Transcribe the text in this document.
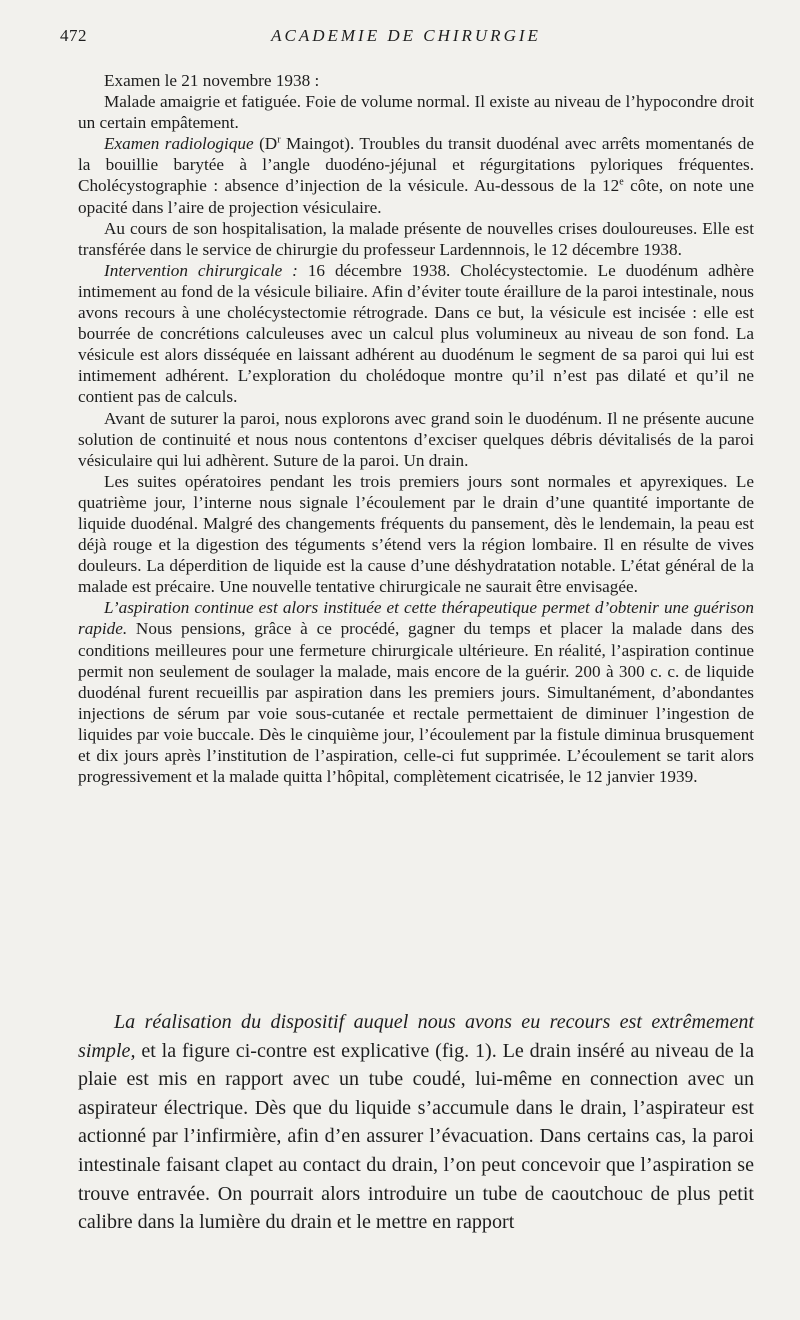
472	ACADEMIE DE CHIRURGIE

Examen le 21 novembre 1938 :

Malade amaigrie et fatiguée. Foie de volume normal. Il existe au niveau de l’hypocondre droit un certain empâtement.

Examen radiologique ($D^r$ Maingot). Troubles du transit duodénal avec arrêts momentanés de la bouillie barytée à l’angle duodéno-jéjunal et régurgitations pyloriques fréquentes. Cholécystographie : absence d’injection de la vésicule. Au-dessous de la 12e côte, on note une opacité dans l’aire de projection vésiculaire.

Au cours de son hospitalisation, la malade présente de nouvelles crises douloureuses. Elle est transférée dans le service de chirurgie du professeur Lardennnois, le 12 décembre 1938.

Intervention chirurgicale : 16 décembre 1938. Cholécystectomie. Le duodénum adhère intimement au fond de la vésicule biliaire. Afin d’éviter toute éraillure de la paroi intestinale, nous avons recours à une cholécystectomie rétrograde. Dans ce but, la vésicule est incisée : elle est bourrée de concrétions calculeuses avec un calcul plus volumineux au niveau de son fond. La vésicule est alors disséquée en laissant adhérent au duodénum le segment de sa paroi qui lui est intimement adhérent. L’exploration du cholédoque montre qu’il n’est pas dilaté et qu’il ne contient pas de calculs.

Avant de suturer la paroi, nous explorons avec grand soin le duodénum. Il ne présente aucune solution de continuité et nous nous contentons d’exciser quelques débris dévitalisés de la paroi vésiculaire qui lui adhèrent. Suture de la paroi. Un drain.

Les suites opératoires pendant les trois premiers jours sont normales et apyrexiques. Le quatrième jour, l’interne nous signale l’écoulement par le drain d’une quantité importante de liquide duodénal. Malgré des changements fréquents du pansement, dès le lendemain, la peau est déjà rouge et la digestion des téguments s’étend vers la région lombaire. Il en résulte de vives douleurs. La déperdition de liquide est la cause d’une déshydratation notable. L’état général de la malade est précaire. Une nouvelle tentative chirurgicale ne saurait être envisagée.

L’aspiration continue est alors instituée et cette thérapeutique permet d’obtenir une guérison rapide. Nous pensions, grâce à ce procédé, gagner du temps et placer la malade dans des conditions meilleures pour une fermeture chirurgicale ultérieure. En réalité, l’aspiration continue permit non seulement de soulager la malade, mais encore de la guérir. 200 à 300 c. c. de liquide duodénal furent recueillis par aspiration dans les premiers jours. Simultanément, d’abondantes injections de sérum par voie sous-cutanée et rectale permettaient de diminuer l’ingestion de liquides par voie buccale. Dès le cinquième jour, l’écoulement par la fistule diminua brusquement et dix jours après l’institution de l’aspiration, celle-ci fut supprimée. L’écoulement se tarit alors progressivement et la malade quitta l’hôpital, complètement cicatrisée, le 12 janvier 1939.

La réalisation du dispositif auquel nous avons eu recours est extrêmement simple, et la figure ci-contre est explicative (fig. 1). Le drain inséré au niveau de la plaie est mis en rapport avec un tube coudé, lui-même en connection avec un aspirateur électrique. Dès que du liquide s’accumule dans le drain, l’aspirateur est actionné par l’infirmière, afin d’en assurer l’évacuation. Dans certains cas, la paroi intestinale faisant clapet au contact du drain, l’on peut concevoir que l’aspiration se trouve entravée. On pourrait alors introduire un tube de caoutchouc de plus petit calibre dans la lumière du drain et le mettre en rapport
